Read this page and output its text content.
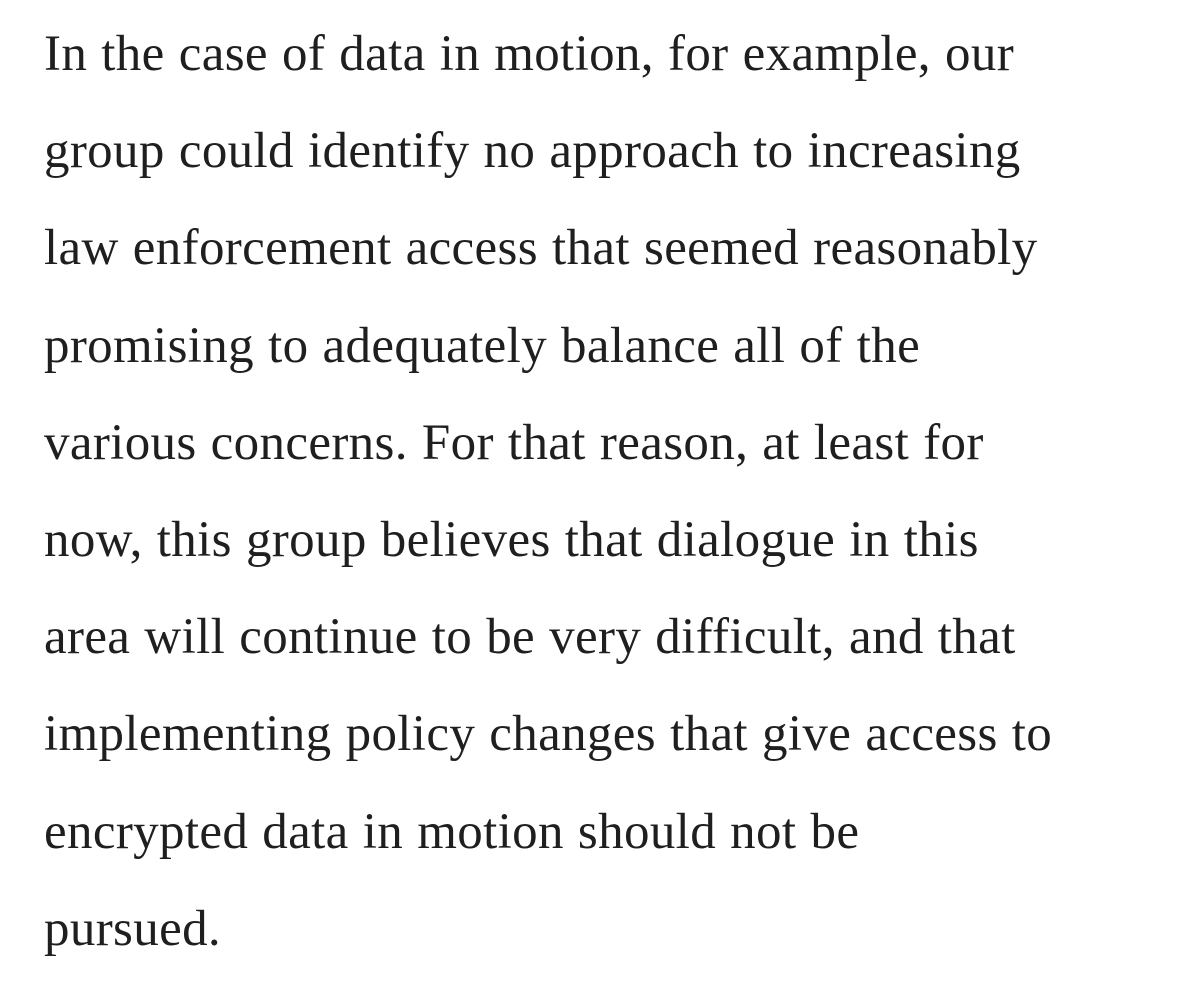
In the case of data in motion, for example, our
group could identify no approach to increasing
law enforcement access that seemed reasonably
promising to adequately balance all of the
various concerns. For that reason, at least for
now, this group believes that dialogue in this
area will continue to be very difficult, and that
implementing policy changes that give access to
encrypted data in motion should not be
pursued.
